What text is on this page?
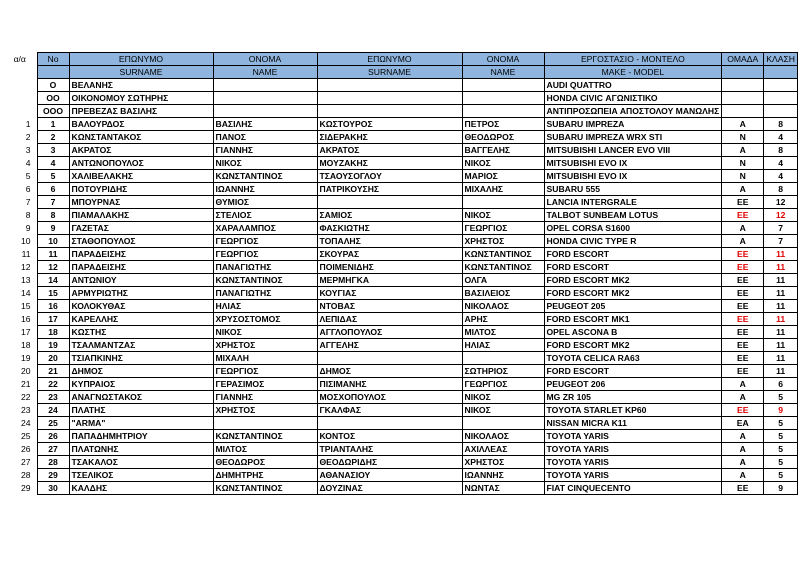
α/α	No	ΕΠΩΝΥΜΟ	ΟΝΟΜΑ	ΕΠΩΝΥΜΟ	ΟΝΟΜΑ	ΕΡΓΟΣΤΑΣΙΟ - ΜΟΝΤΕΛΟ	ΟΜΑΔΑ	ΚΛΑΣΗ
		SURNAME	NAME	SURNAME	NAME	MAKE - MODEL		
	O	ΒΕΛΑΝΗΣ				AUDI QUATTRO		
	OO	ΟΙΚΟΝΟΜΟΥ ΣΩΤΗΡΗΣ				HONDA CIVIC ΑΓΩΝΙΣΤΙΚΟ		
	OOO	ΠΡΕΒΕΖΑΣ ΒΑΣΙΛΗΣ				ΑΝΤΙΠΡΟΣΩΠΕΙΑ ΑΠΟΣΤΟΛΟΥ ΜΑΝΩΛΗΣ		
1	1	ΒΑΛΟΥΡΔΟΣ	ΒΑΣΙΛΗΣ	ΚΩΣΤΟΥΡΟΣ	ΠΕΤΡΟΣ	SUBARU IMPREZA	A	8
2	2	ΚΩΝΣΤΑΝΤΑΚΟΣ	ΠΑΝΟΣ	ΣΙΔΕΡΑΚΗΣ	ΘΕΟΔΩΡΟΣ	SUBARU IMPREZA WRX STI	N	4
3	3	ΑΚΡΑΤΟΣ	ΓΙΑΝΝΗΣ	ΑΚΡΑΤΟΣ	ΒΑΓΓΕΛΗΣ	MITSUBISHI LANCER EVO VIII	A	8
4	4	ΑΝΤΩΝΟΠΟΥΛΟΣ	ΝΙΚΟΣ	ΜΟΥΖΑΚΗΣ	ΝΙΚΟΣ	MITSUBISHI EVO IX	N	4
5	5	ΧΑΛΙΒΕΛΑΚΗΣ	ΚΩΝΣΤΑΝΤΙΝΟΣ	ΤΣΑΟΥΣΟΓΛΟΥ	ΜΑΡΙΟΣ	MITSUBISHI EVO IX	N	4
6	6	ΠΟΤΟΥΡΙΔΗΣ	ΙΩΑΝΝΗΣ	ΠΑΤΡΙΚΟΥΣΗΣ	ΜΙΧΑΛΗΣ	SUBARU 555	A	8
7	7	ΜΠΟΥΡΝΑΣ	ΘΥΜΙΟΣ			LANCIA INTERGRALE	EE	12
8	8	ΠΙΑΜΑΛΑΚΗΣ	ΣΤΕΛΙΟΣ	ΣΑΜΙΟΣ	ΝΙΚΟΣ	TALBOT SUNBEAM LOTUS	EE	12
9	9	ΓΑΖΕΤΑΣ	ΧΑΡΑΛΑΜΠΟΣ	ΦΑΣΚΙΩΤΗΣ	ΓΕΩΡΓΙΟΣ	OPEL CORSA S1600	A	7
10	10	ΣΤΑΘΟΠΟΥΛΟΣ	ΓΕΩΡΓΙΟΣ	ΤΟΠΑΛΗΣ	ΧΡΗΣΤΟΣ	HONDA CIVIC TYPE R	A	7
11	11	ΠΑΡΑΔΕΙΣΗΣ	ΓΕΩΡΓΙΟΣ	ΣΚΟΥΡΑΣ	ΚΩΝΣΤΑΝΤΙΝΟΣ	FORD ESCORT	EE	11
12	12	ΠΑΡΑΔΕΙΣΗΣ	ΠΑΝΑΓΙΩΤΗΣ	ΠΟΙΜΕΝΙΔΗΣ	ΚΩΝΣΤΑΝΤΙΝΟΣ	FORD ESCORT	EE	11
13	14	ΑΝΤΩΝΙΟΥ	ΚΩΝΣΤΑΝΤΙΝΟΣ	ΜΕΡΜΗΓΚΑ	ΟΛΓΑ	FORD ESCORT MK2	EE	11
14	15	ΑΡΜΥΡΙΩΤΗΣ	ΠΑΝΑΓΙΩΤΗΣ	ΚΟΥΓΙΑΣ	ΒΑΣΙΛΕΙΟΣ	FORD ESCORT MK2	EE	11
15	16	ΚΟΛΟΚΥΘΑΣ	ΗΛΙΑΣ	ΝΤΟΒΑΣ	ΝΙΚΟΛΑΟΣ	PEUGEOT 205	EE	11
16	17	ΚΑΡΕΛΛΗΣ	ΧΡΥΣΟΣΤΟΜΟΣ	ΛΕΠΙΔΑΣ	ΑΡΗΣ	FORD ESCORT MK1	EE	11
17	18	ΚΩΣΤΗΣ	ΝΙΚΟΣ	ΑΓΓΛΟΠΟΥΛΟΣ	ΜΙΛΤΟΣ	OPEL ASCONA B	EE	11
18	19	ΤΣΑΛΜΑΝΤΖΑΣ	ΧΡΗΣΤΟΣ	ΑΓΓΕΛΗΣ	ΗΛΙΑΣ	FORD ESCORT MK2	EE	11
19	20	ΤΣΙΑΠΚΙΝΗΣ	ΜΙΧΑΛΗ			TOYOTA CELICA RA63	EE	11
20	21	ΔΗΜΟΣ	ΓΕΩΡΓΙΟΣ	ΔΗΜΟΣ	ΣΩΤΗΡΙΟΣ	FORD ESCORT	EE	11
21	22	ΚΥΠΡΑΙΟΣ	ΓΕΡΑΣΙΜΟΣ	ΠΙΣΙΜΑΝΗΣ	ΓΕΩΡΓΙΟΣ	PEUGEOT 206	A	6
22	23	ΑΝΑΓΝΩΣΤΑΚΟΣ	ΓΙΑΝΝΗΣ	ΜΟΣΧΟΠΟΥΛΟΣ	ΝΙΚΟΣ	MG ZR 105	A	5
23	24	ΠΛΑΤΗΣ	ΧΡΗΣΤΟΣ	ΓΚΑΛΦΑΣ	ΝΙΚΟΣ	TOYOTA STARLET KP60	EE	9
24	25	"ARMA"				NISSAN MICRA K11	EA	5
25	26	ΠΑΠΑΔΗΜΗΤΡΙΟΥ	ΚΩΝΣΤΑΝΤΙΝΟΣ	ΚΟΝΤΟΣ	ΝΙΚΟΛΑΟΣ	TOYOTA YARIS	A	5
26	27	ΠΛΑΤΩΝΗΣ	ΜΙΛΤΟΣ	ΤΡΙΑΝΤΑΛΗΣ	ΑΧΙΛΛΕΑΣ	TOYOTA YARIS	A	5
27	28	ΤΣΑΚΑΛΟΣ	ΘΕΟΔΩΡΟΣ	ΘΕΟΔΩΡΙΔΗΣ	ΧΡΗΣΤΟΣ	TOYOTA YARIS	A	5
28	29	ΤΣΕΛΙΚΟΣ	ΔΗΜΗΤΡΗΣ	ΑΘΑΝΑΣΙΟΥ	ΙΩΑΝΝΗΣ	TOYOTA YARIS	A	5
29	30	ΚΑΛΔΗΣ	ΚΩΝΣΤΑΝΤΙΝΟΣ	ΔΟΥΖΙΝΑΣ	ΝΩΝΤΑΣ	FIAT CINQUECENTO	EE	9
